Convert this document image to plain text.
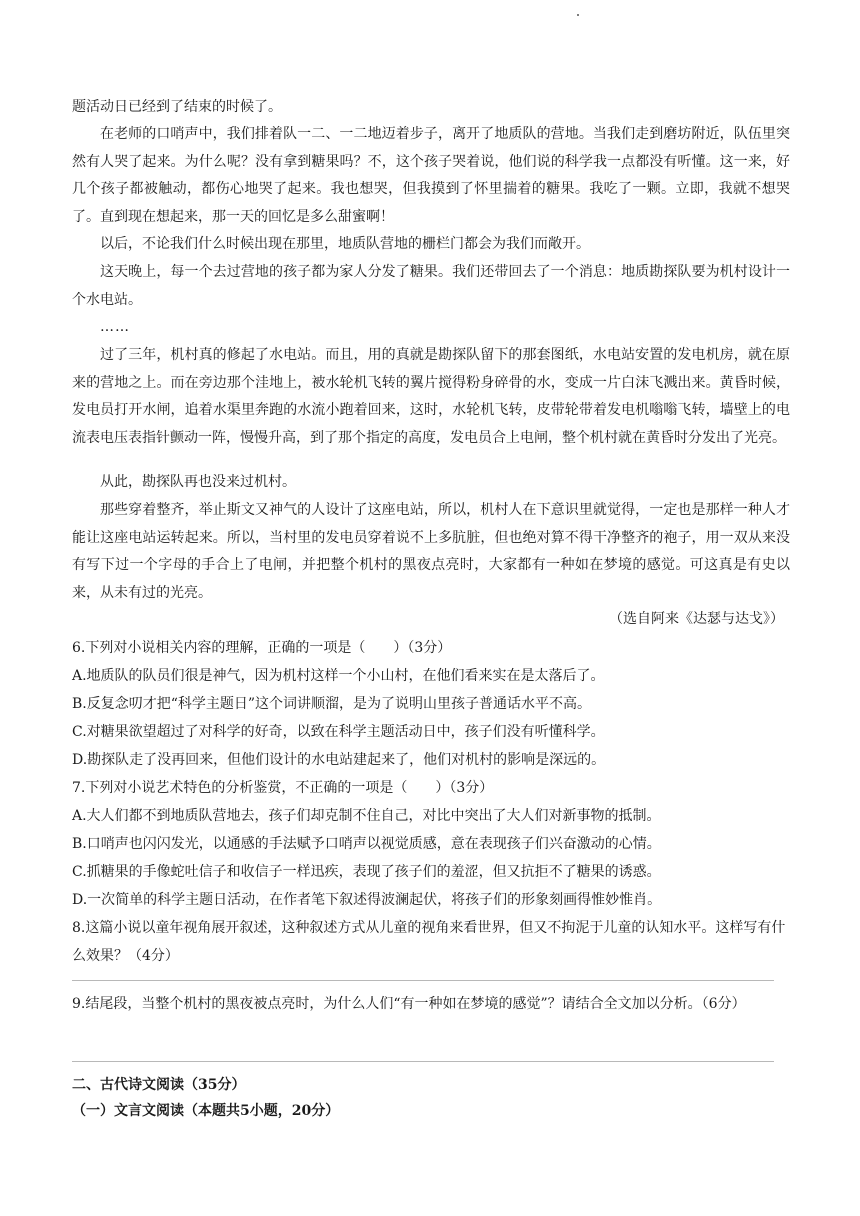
题活动日已经到了结束的时候了。
在老师的口哨声中，我们排着队一二、一二地迈着步子，离开了地质队的营地。当我们走到磨坊附近，队伍里突然有人哭了起来。为什么呢？没有拿到糖果吗？不，这个孩子哭着说，他们说的科学我一点都没有听懂。这一来，好几个孩子都被触动，都伤心地哭了起来。我也想哭，但我摸到了怀里揣着的糖果。我吃了一颗。立即，我就不想哭了。直到现在想起来，那一天的回忆是多么甜蜜啊！
以后，不论我们什么时候出现在那里，地质队营地的栅栏门都会为我们而敞开。
这天晚上，每一个去过营地的孩子都为家人分发了糖果。我们还带回去了一个消息：地质勘探队要为机村设计一个水电站。
……
过了三年，机村真的修起了水电站。而且，用的真就是勘探队留下的那套图纸，水电站安置的发电机房，就在原来的营地之上。而在旁边那个洼地上，被水轮机飞转的翼片搅得粉身碎骨的水，变成一片白沫飞溅出来。黄昏时候，发电员打开水闸，追着水渠里奔跑的水流小跑着回来，这时，水轮机飞转，皮带轮带着发电机嗡嗡飞转，墙壁上的电流表电压表指针颤动一阵，慢慢升高，到了那个指定的高度，发电员合上电闸，整个机村就在黄昏时分发出了光亮。
从此，勘探队再也没来过机村。
那些穿着整齐，举止斯文又神气的人设计了这座电站，所以，机村人在下意识里就觉得，一定也是那样一种人才能让这座电站运转起来。所以，当村里的发电员穿着说不上多肮脏，但也绝对算不得干净整齐的袍子，用一双从来没有写下过一个字母的手合上了电闸，并把整个机村的黑夜点亮时，大家都有一种如在梦境的感觉。可这真是有史以来，从未有过的光亮。
（选自阿来《达瑟与达戈》）
6.下列对小说相关内容的理解，正确的一项是（　　）（3分）
A.地质队的队员们很是神气，因为机村这样一个小山村，在他们看来实在是太落后了。
B.反复念叨才把“科学主题日”这个词讲顺溜，是为了说明山里孩子普通话水平不高。
C.对糖果欲望超过了对科学的好奇，以致在科学主题活动日中，孩子们没有听懂科学。
D.勘探队走了没再回来，但他们设计的水电站建起来了，他们对机村的影响是深远的。
7.下列对小说艺术特色的分析鉴赏，不正确的一项是（　　）（3分）
A.大人们都不到地质队营地去，孩子们却克制不住自己，对比中突出了大人们对新事物的抵制。
B.口哨声也闪闪发光，以通感的手法赋予口哨声以视觉质感，意在表现孩子们兴奋激动的心情。
C.抓糖果的手像蛇吐信子和收信子一样迅疾，表现了孩子们的羞涩，但又抗拒不了糖果的诱惑。
D.一次简单的科学主题日活动，在作者笔下叙述得波澜起伏，将孩子们的形象刻画得惟妙惟肖。
8.这篇小说以童年视角展开叙述，这种叙述方式从儿童的视角来看世界，但又不拘泥于儿童的认知水平。这样写有什么效果？（4分）
9.结尾段，当整个机村的黑夜被点亮时，为什么人们“有一种如在梦境的感觉”？请结合全文加以分析。（6分）
二、古代诗文阅读（35分）
（一）文言文阅读（本题共5小题，20分）
